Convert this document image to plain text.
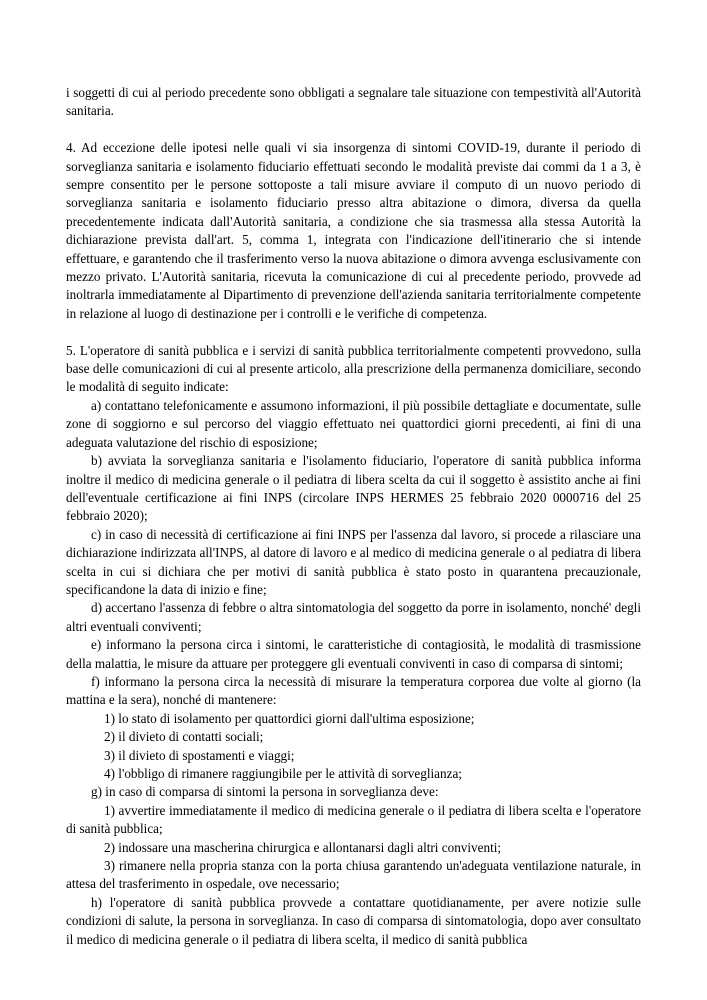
i soggetti di cui al periodo precedente sono obbligati a segnalare tale situazione con tempestività all'Autorità sanitaria.

4. Ad eccezione delle ipotesi nelle quali vi sia insorgenza di sintomi COVID-19, durante il periodo di sorveglianza sanitaria e isolamento fiduciario effettuati secondo le modalità previste dai commi da 1 a 3, è sempre consentito per le persone sottoposte a tali misure avviare il computo di un nuovo periodo di sorveglianza sanitaria e isolamento fiduciario presso altra abitazione o dimora, diversa da quella precedentemente indicata dall'Autorità sanitaria, a condizione che sia trasmessa alla stessa Autorità la dichiarazione prevista dall'art. 5, comma 1, integrata con l'indicazione dell'itinerario che si intende effettuare, e garantendo che il trasferimento verso la nuova abitazione o dimora avvenga esclusivamente con mezzo privato. L'Autorità sanitaria, ricevuta la comunicazione di cui al precedente periodo, provvede ad inoltrarla immediatamente al Dipartimento di prevenzione dell'azienda sanitaria territorialmente competente in relazione al luogo di destinazione per i controlli e le verifiche di competenza.

5. L'operatore di sanità pubblica e i servizi di sanità pubblica territorialmente competenti provvedono, sulla base delle comunicazioni di cui al presente articolo, alla prescrizione della permanenza domiciliare, secondo le modalità di seguito indicate:

a) contattano telefonicamente e assumono informazioni, il più possibile dettagliate e documentate, sulle zone di soggiorno e sul percorso del viaggio effettuato nei quattordici giorni precedenti, ai fini di una adeguata valutazione del rischio di esposizione;

b) avviata la sorveglianza sanitaria e l'isolamento fiduciario, l'operatore di sanità pubblica informa inoltre il medico di medicina generale o il pediatra di libera scelta da cui il soggetto è assistito anche ai fini dell'eventuale certificazione ai fini INPS (circolare INPS HERMES 25 febbraio 2020 0000716 del 25 febbraio 2020);

c) in caso di necessità di certificazione ai fini INPS per l'assenza dal lavoro, si procede a rilasciare una dichiarazione indirizzata all'INPS, al datore di lavoro e al medico di medicina generale o al pediatra di libera scelta in cui si dichiara che per motivi di sanità pubblica è stato posto in quarantena precauzionale, specificandone la data di inizio e fine;

d) accertano l'assenza di febbre o altra sintomatologia del soggetto da porre in isolamento, nonché' degli altri eventuali conviventi;

e) informano la persona circa i sintomi, le caratteristiche di contagiosità, le modalità di trasmissione della malattia, le misure da attuare per proteggere gli eventuali conviventi in caso di comparsa di sintomi;

f) informano la persona circa la necessità di misurare la temperatura corporea due volte al giorno (la mattina e la sera), nonché di mantenere:

1) lo stato di isolamento per quattordici giorni dall'ultima esposizione;

2) il divieto di contatti sociali;

3) il divieto di spostamenti e viaggi;

4) l'obbligo di rimanere raggiungibile per le attività di sorveglianza;

g) in caso di comparsa di sintomi la persona in sorveglianza deve:

1) avvertire immediatamente il medico di medicina generale o il pediatra di libera scelta e l'operatore di sanità pubblica;

2) indossare una mascherina chirurgica e allontanarsi dagli altri conviventi;

3) rimanere nella propria stanza con la porta chiusa garantendo un'adeguata ventilazione naturale, in attesa del trasferimento in ospedale, ove necessario;

h) l'operatore di sanità pubblica provvede a contattare quotidianamente, per avere notizie sulle condizioni di salute, la persona in sorveglianza. In caso di comparsa di sintomatologia, dopo aver consultato il medico di medicina generale o il pediatra di libera scelta, il medico di sanità pubblica
